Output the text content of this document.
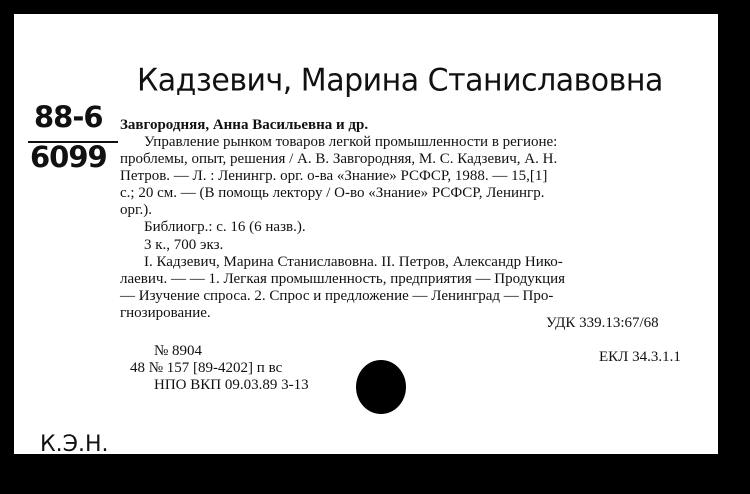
Кадзевич, Марина Станиславовна
88-6
6099
Завгородняя, Анна Васильевна и др.
Управление рынком товаров легкой промышленности в регионе:
проблемы, опыт, решения / А. В. Завгородняя, М. С. Кадзевич, А. Н.
Петров. — Л. : Ленингр. орг. о-ва «Знание» РСФСР, 1988. — 15,[1]
с.; 20 см. — (В помощь лектору / О-во «Знание» РСФСР, Ленингр.
орг.).
Библиогр.: с. 16 (6 назв.).
3 к., 700 экз.
I. Кадзевич, Марина Станиславовна. II. Петров, Александр Нико-
лаевич. — — 1. Легкая промышленность, предприятия — Продукция
— Изучение спроса. 2. Спрос и предложение — Ленинград — Про-
гнозирование.
УДК 339.13:67/68
№ 8904	ЕКЛ 34.3.1.1
48 № 157 [89-4202] п вс
НПО ВКП 09.03.89 3-13
К.Э.Н.
